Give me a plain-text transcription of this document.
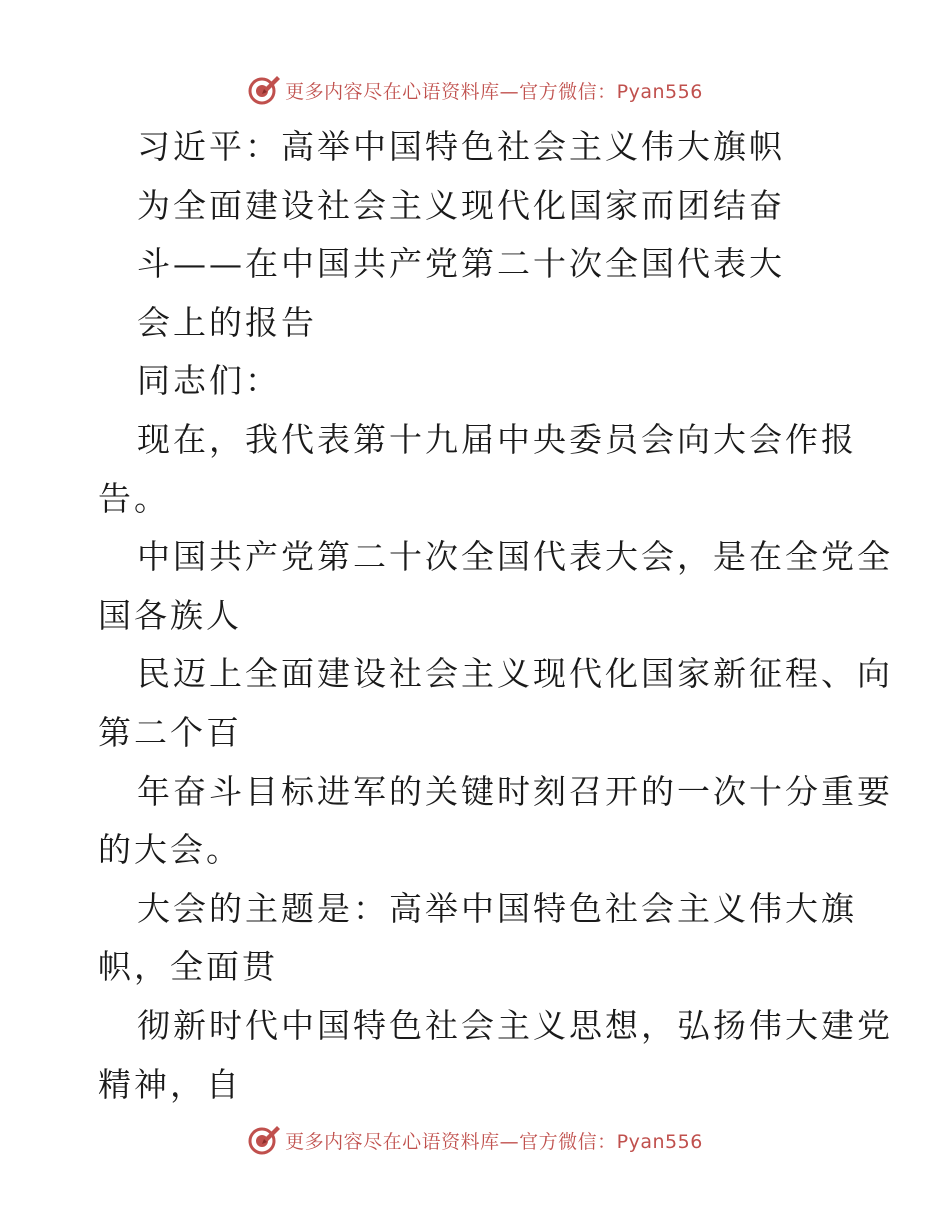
更多内容尽在心语资料库—官方微信：Pyan556
习近平：高举中国特色社会主义伟大旗帜
为全面建设社会主义现代化国家而团结奋
斗——在中国共产党第二十次全国代表大
会上的报告
同志们：
现在，我代表第十九届中央委员会向大会作报
告。
中国共产党第二十次全国代表大会，是在全党全
国各族人
民迈上全面建设社会主义现代化国家新征程、向
第二个百
年奋斗目标进军的关键时刻召开的一次十分重要
的大会。
大会的主题是：高举中国特色社会主义伟大旗
帜，全面贯
彻新时代中国特色社会主义思想，弘扬伟大建党
精神，自
更多内容尽在心语资料库—官方微信：Pyan556
